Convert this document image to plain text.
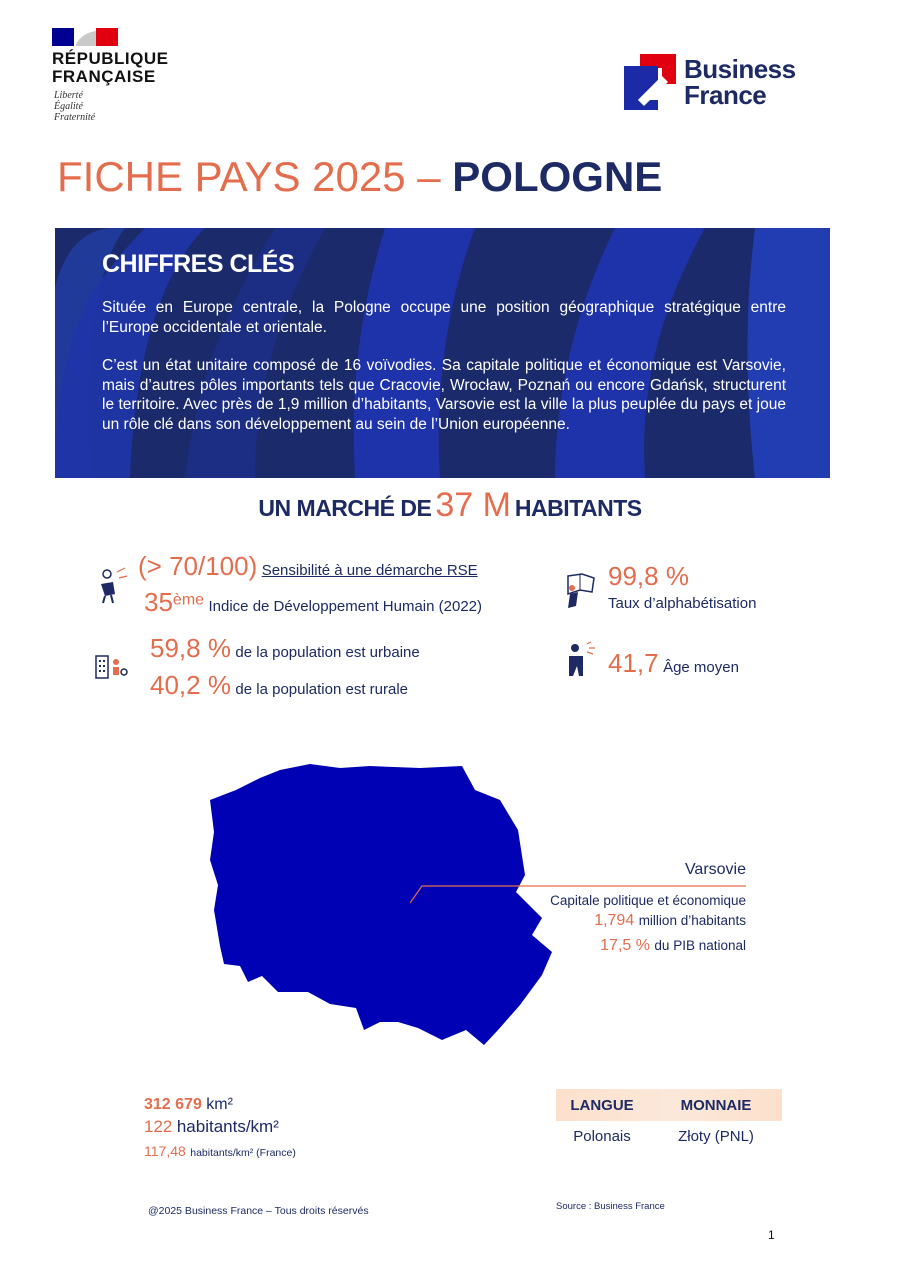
RÉPUBLIQUE
FRANÇAISE
Liberté
Égalité
Fraternité
Business
France
FICHE PAYS 2025 – POLOGNE
CHIFFRES CLÉS

Située en Europe centrale, la Pologne occupe une position géographique stratégique entre l’Europe occidentale et orientale.

C’est un état unitaire composé de 16 voïvodies. Sa capitale politique et économique est Varsovie, mais d’autres pôles importants tels que Cracovie, Wrocław, Poznań ou encore Gdańsk, structurent le territoire. Avec près de 1,9 million d’habitants, Varsovie est la ville la plus peuplée du pays et joue un rôle clé dans son développement au sein de l’Union européenne.

UN MARCHÉ DE 37 M HABITANTS
(> 70/100) Sensibilité à une démarche RSE
35ème Indice de Développement Humain (2022)
59,8 % de la population est urbaine
40,2 % de la population est rurale
99,8 %
Taux d’alphabétisation
41,7 Âge moyen
Varsovie
Capitale politique et économique
1,794 million d’habitants
17,5 % du PIB national
312 679 km²
122 habitants/km²
117,48 habitants/km² (France)
LANGUE	MONNAIE
Polonais	Złoty (PNL)
@2025 Business France – Tous droits réservés	Source : Business France
1
